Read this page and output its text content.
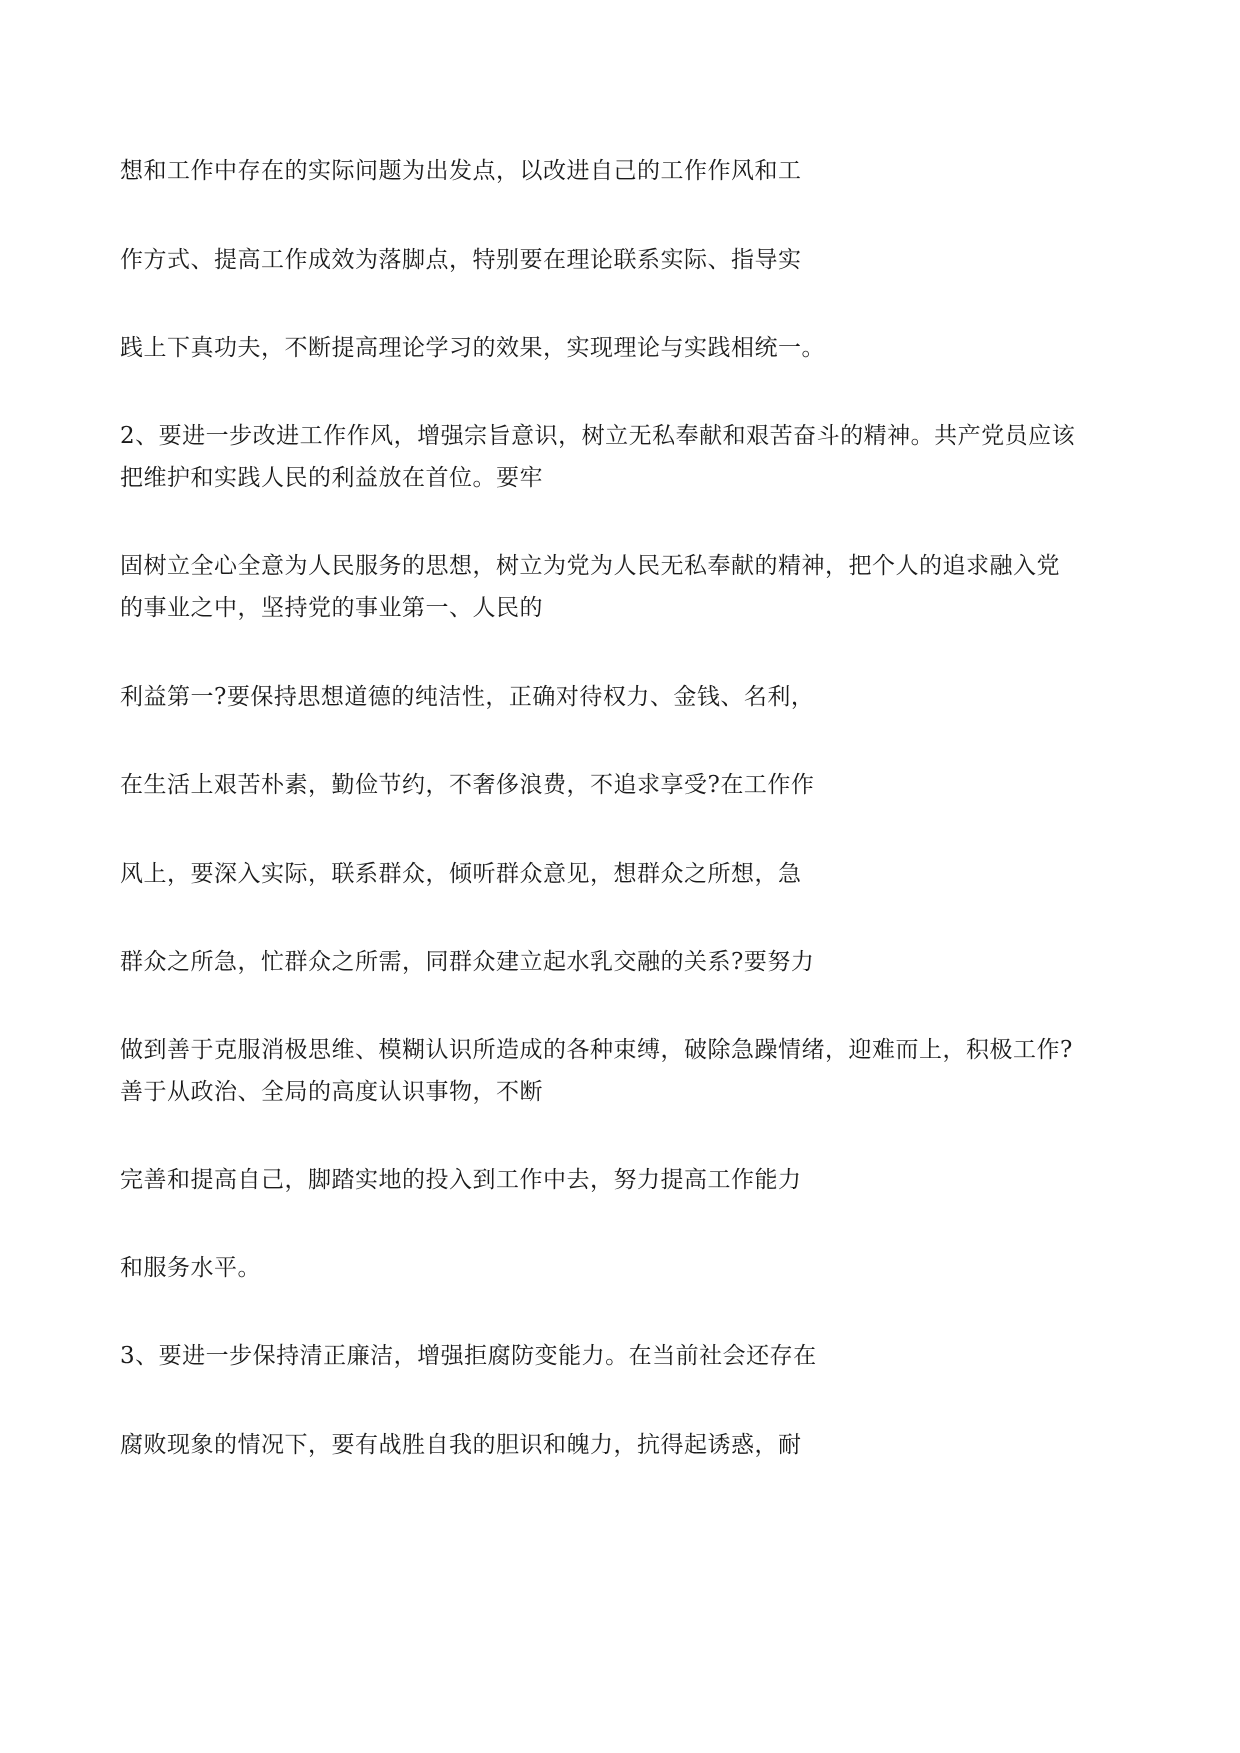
想和工作中存在的实际问题为出发点，以改进自己的工作作风和工
作方式、提高工作成效为落脚点，特别要在理论联系实际、指导实
践上下真功夫，不断提高理论学习的效果，实现理论与实践相统一。
2、要进一步改进工作作风，增强宗旨意识，树立无私奉献和艰苦奋斗的精神。共产党员应该
把维护和实践人民的利益放在首位。要牢
固树立全心全意为人民服务的思想，树立为党为人民无私奉献的精神，把个人的追求融入党
的事业之中，坚持党的事业第一、人民的
利益第一?要保持思想道德的纯洁性，正确对待权力、金钱、名利，
在生活上艰苦朴素，勤俭节约，不奢侈浪费，不追求享受?在工作作
风上，要深入实际，联系群众，倾听群众意见，想群众之所想，急
群众之所急，忙群众之所需，同群众建立起水乳交融的关系?要努力
做到善于克服消极思维、模糊认识所造成的各种束缚，破除急躁情绪，迎难而上，积极工作?
善于从政治、全局的高度认识事物，不断
完善和提高自己，脚踏实地的投入到工作中去，努力提高工作能力
和服务水平。
3、要进一步保持清正廉洁，增强拒腐防变能力。在当前社会还存在
腐败现象的情况下，要有战胜自我的胆识和魄力，抗得起诱惑，耐
